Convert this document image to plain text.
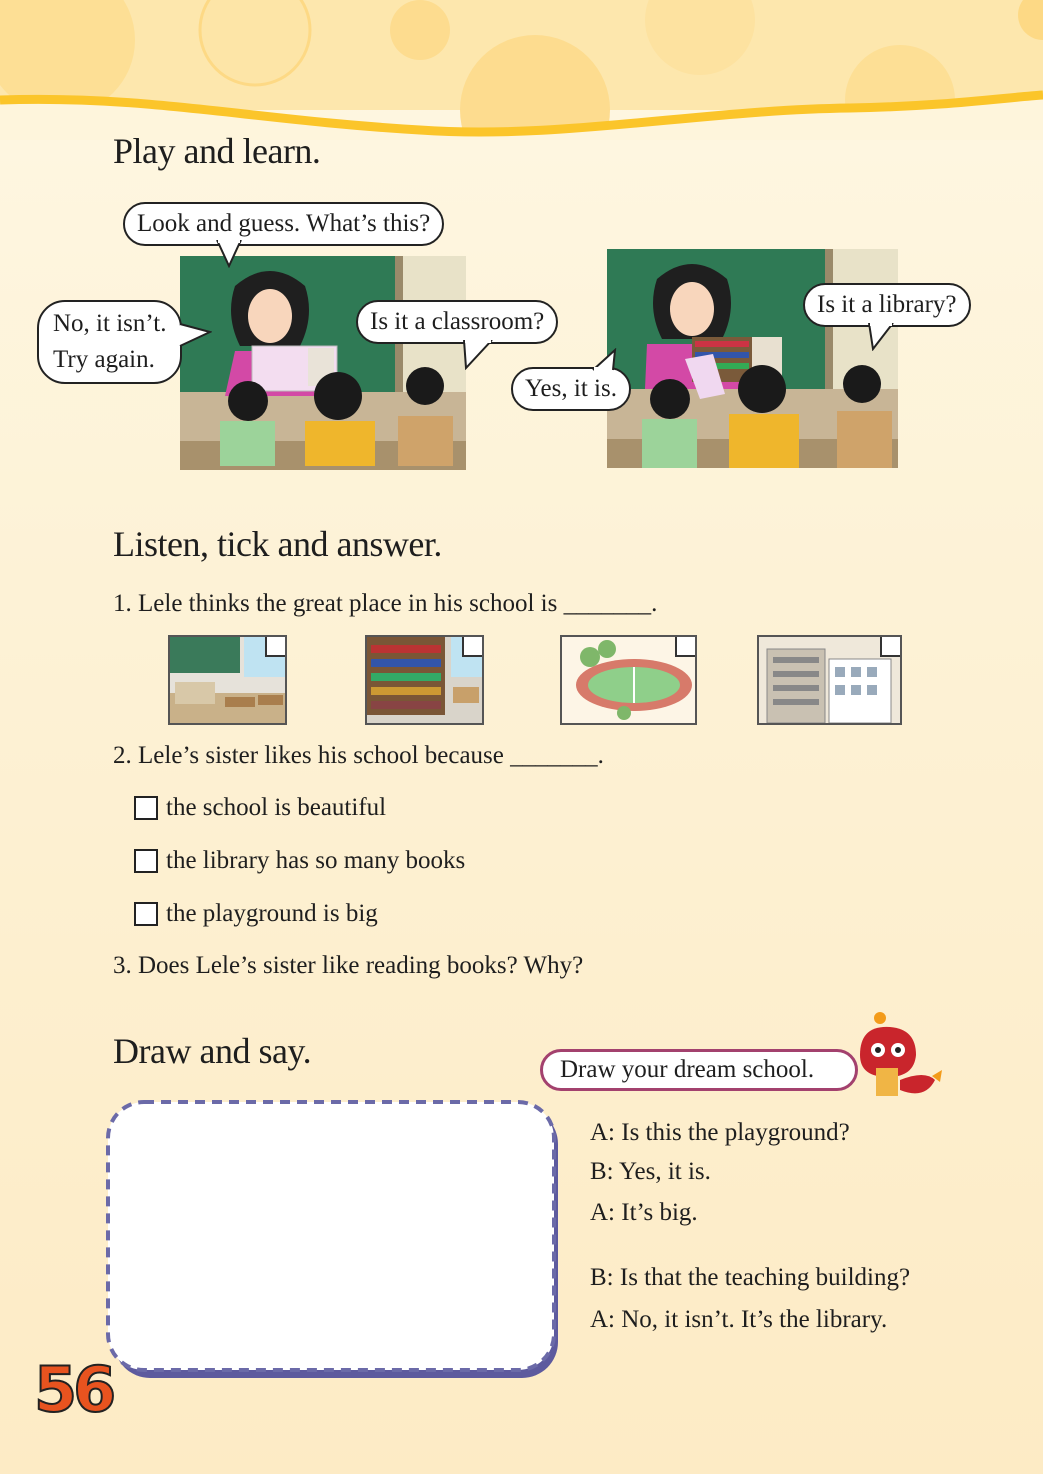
Play and learn.
Look and guess. What’s this?
No, it isn’t.
Try again.
Is it a classroom?
Is it a library?
Yes, it is.
Listen, tick and answer.
1. Lele thinks the great place in his school is _______.
2. Lele’s sister likes his school because _______.
the school is beautiful
the library has so many books
the playground is big
3. Does Lele’s sister like reading books? Why?
Draw and say.	Draw your dream school.
A: Is this the playground?
B: Yes, it is.
A: It’s big.
B: Is that the teaching building?
A: No, it isn’t. It’s the library.
56
